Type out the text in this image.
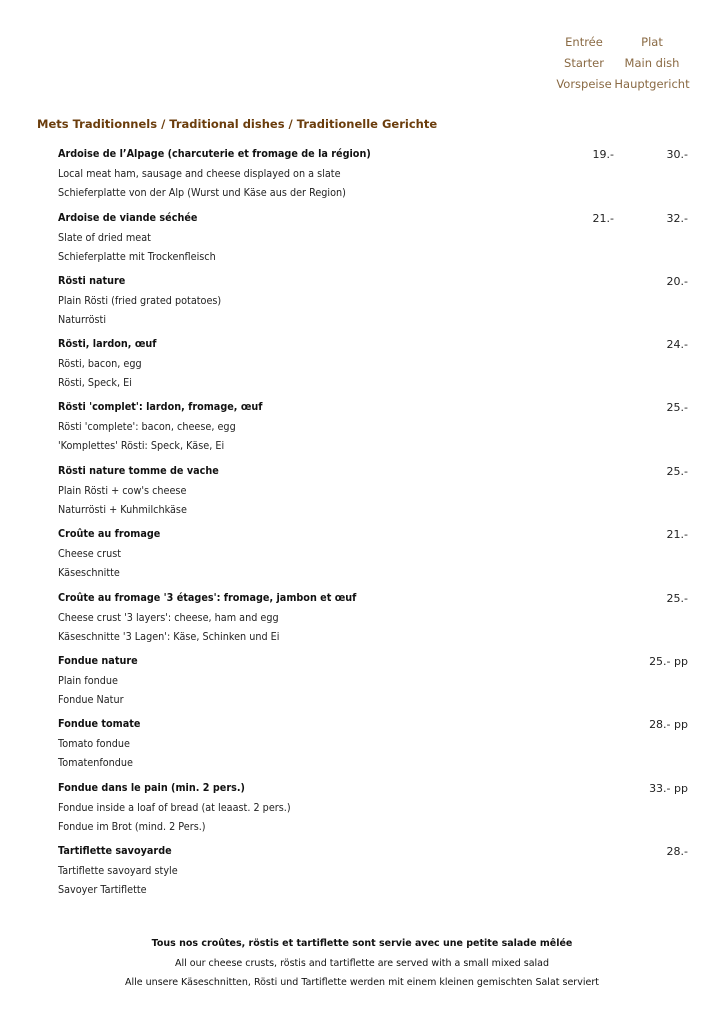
Entrée
Starter
Vorspeise
Plat
Main dish
Hauptgericht
Mets Traditionnels / Traditional dishes / Traditionelle Gerichte
Ardoise de l’Alpage (charcuterie et fromage de la région)
Local meat ham, sausage and cheese displayed on a slate
Schieferplatte von der Alp (Wurst und Käse aus der Region)
19.-	30.-
Ardoise de viande séchée
Slate of dried meat
Schieferplatte mit Trockenfleisch
21.-	32.-
Rösti nature
Plain Rösti (fried grated potatoes)
Naturrösti
20.-
Rösti, lardon, œuf
Rösti, bacon, egg
Rösti, Speck, Ei
24.-
Rösti 'complet': lardon, fromage, œuf
Rösti 'complete': bacon, cheese, egg
'Komplettes' Rösti: Speck, Käse, Ei
25.-
Rösti nature tomme de vache
Plain Rösti + cow's cheese
Naturrösti + Kuhmilchkäse
25.-
Croûte au fromage
Cheese crust
Käseschnitte
21.-
Croûte au fromage '3 étages': fromage, jambon et œuf
Cheese crust '3 layers': cheese, ham and egg
Käseschnitte '3 Lagen': Käse, Schinken und Ei
25.-
Fondue nature
Plain fondue
Fondue Natur
25.- pp
Fondue tomate
Tomato fondue
Tomatenfondue
28.- pp
Fondue dans le pain (min. 2 pers.)
Fondue inside a loaf of bread (at leaast. 2 pers.)
Fondue im Brot (mind. 2 Pers.)
33.- pp
Tartiflette savoyarde
Tartiflette savoyard style
Savoyer Tartiflette
28.-
Tous nos croûtes, röstis et tartiflette sont servie avec une petite salade mêlée
All our cheese crusts, röstis and tartiflette are served with a small mixed salad
Alle unsere Käseschnitten, Rösti und Tartiflette werden mit einem kleinen gemischten Salat serviert
